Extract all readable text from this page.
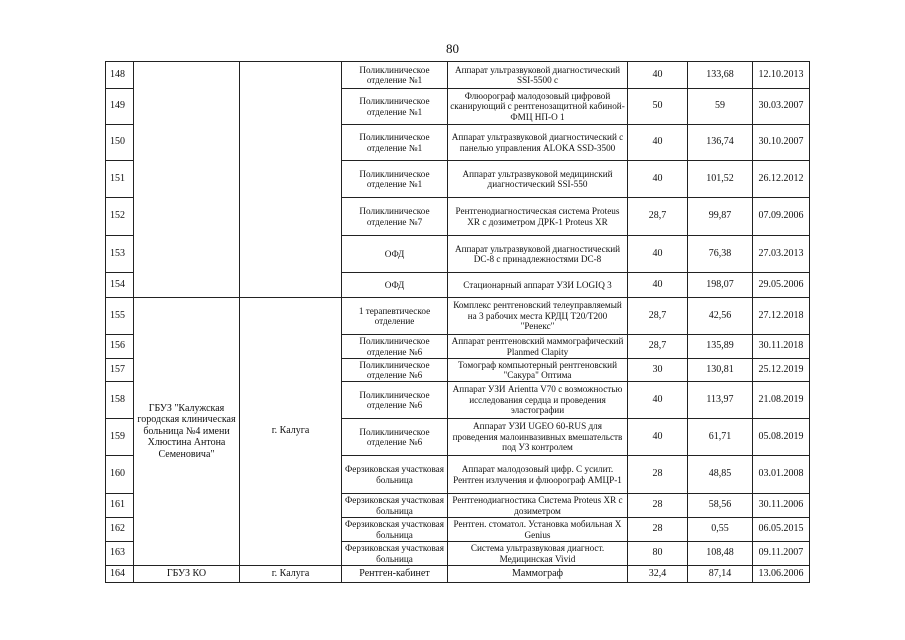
80
148			Поликлиническое отделение №1	Аппарат ультразвуковой диагностический SSI-5500 с	40	133,68	12.10.2013
149			Поликлиническое отделение №1	Флюорограф малодозовый цифровой сканирующий с рентгенозащитной кабиной-ФМЦ НП-О 1	50	59	30.03.2007
150			Поликлиническое отделение №1	Аппарат ультразвуковой диагностический с панелью управления ALOKA SSD-3500	40	136,74	30.10.2007
151			Поликлиническое отделение №1	Аппарат ультразвуковой медицинский диагностический SSI-550	40	101,52	26.12.2012
152			Поликлиническое отделение №7	Рентгенодиагностическая система Proteus XR с дозиметром ДРК-1 Proteus XR	28,7	99,87	07.09.2006
153			ОФД	Аппарат ультразвуковой диагностический DC-8 с принадлежностями DC-8	40	76,38	27.03.2013
154			ОФД	Стационарный аппарат УЗИ LOGIQ 3	40	198,07	29.05.2006
155	ГБУЗ "Калужская городская клиническая больница №4 имени Хлюстина Антона Семеновича"	г. Калуга	1 терапевтическое отделение	Комплекс рентгеновский телеуправляемый на 3 рабочих места КРДЦ Т20/Т200 "Ренекс"	28,7	42,56	27.12.2018
156			Поликлиническое отделение №6	Аппарат рентгеновский маммографический Planmed Clapity	28,7	135,89	30.11.2018
157			Поликлиническое отделение №6	Томограф компьютерный рентгеновский "Сакура" Оптима	30	130,81	25.12.2019
158			Поликлиническое отделение №6	Аппарат УЗИ Arientta V70 с возможностью исследования сердца и проведения эластографии	40	113,97	21.08.2019
159			Поликлиническое отделение №6	Аппарат УЗИ UGEO 60-RUS для проведения малоинвазивных вмешательств под УЗ контролем	40	61,71	05.08.2019
160			Ферзиковская участковая больница	Аппарат малодозовый цифр. С усилит. Рентген излучения и флюорограф АМЦР-1	28	48,85	03.01.2008
161			Ферзиковская участковая больница	Рентгенодиагностика Система Proteus XR с дозиметром	28	58,56	30.11.2006
162			Ферзиковская участковая больница	Рентген. стоматол. Установка мобильная X Genius	28	0,55	06.05.2015
163			Ферзиковская участковая больница	Система ультразвуковая диагност. Медицинская Vivid	80	108,48	09.11.2007
164	ГБУЗ КО	г. Калуга	Рентген-кабинет	Маммограф	32,4	87,14	13.06.2006
